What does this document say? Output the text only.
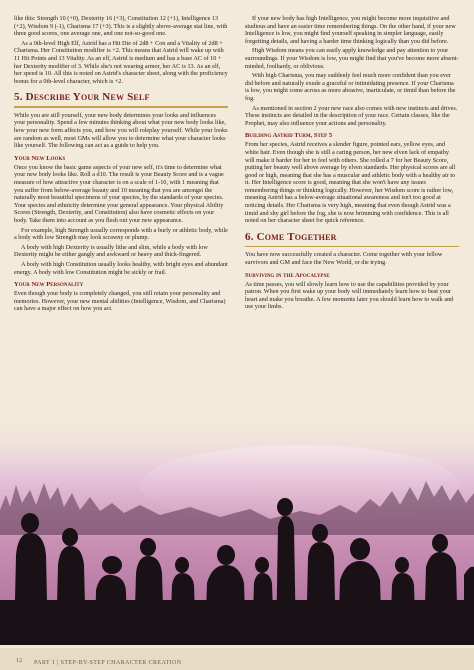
like this: Strength 10 (+0), Dexterity 16 (+3), Constitution 12 (+1), Intelligence 13 (+2), Wisdom 9 (-1), Charisma 17 (+3). This is a slightly above-average stat line, with three good scores, one average one, and one not-so-good one.

As a 0th-level High Elf, Astrid has a Hit Die of 2d8 + Con and a Vitality of 2d8 + Charisma. Her Constitution modifier is +2. This means that Astrid will wake up with 11 Hit Points and 13 Vitality. As an elf, Astrid is medium and has a base AC of 10 + her Dexterity modifier of 3. While she's not wearing armor, her AC is 13. As an elf, her speed is 10. All this is noted on Astrid's character sheet, along with the proficiency bonus for a 0th-level character, which is +2.

5. Describe Your New Self

While you are still yourself, your new body determines your looks and influences your personality. Spend a few minutes thinking about what your new body looks like, how your new form affects you, and how you will roleplay yourself. While your looks are random as well, most GMs will allow you to determine what your character looks like yourself. The following can act as a guide to help you.

Your New Looks

Once you know the basic game aspects of your new self, it's time to determine what your new body looks like. Roll a d10. The result is your Beauty Score and is a vague measure of how attractive your character is on a scale of 1-10, with 1 meaning that you suffer from below-average beauty and 10 meaning that you are amongst the naturally most beautiful specimens of your species, by the standards of your species. Your species and ethnicity determine your general appearance. Your physical Ability Scores (Strength, Dexterity, and Constitution) also have cosmetic effects on your body. Take them into account as you flesh out your new appearance.

For example, high Strength usually corresponds with a burly or athletic body, while a body with low Strength may look scrawny or plump.

A body with high Dexterity is usually lithe and slim, while a body with low Dexterity might be either gangly and awkward or heavy and thick-fingered.

A body with high Constitution usually looks healthy, with bright eyes and abundant energy. A body with low Constitution might be sickly or frail.

Your New Personality

Even though your body is completely changed, you still retain your personality and memories. However, your new mental abilities (Intelligence, Wisdom, and Charisma) can have a major effect on how you act.

If your new body has high Intelligence, you might become more inquisitive and studious and have an easier time remembering things. On the other hand, if your new Intelligence is low, you might find yourself speaking in simpler language, easily forgetting details, and having a harder time thinking logically than you did before.

High Wisdom means you can easily apply knowledge and pay attention to your surroundings. If your Wisdom is low, you might find that you've become more absent-minded, foolhardy, or oblivious.

With high Charisma, you may suddenly feel much more confident than you ever did before and naturally exude a graceful or intimidating presence. If your Charisma is low, you might come across as more abrasive, inarticulate, or timid than before the fog.

As mentioned in section 2 your new race also comes with new instincts and drives. These instincts are detailed in the description of your race. Certain classes, like the Prophet, may also influence your actions and personality.

Building Astrid Turm, Step 5

From her species, Astrid receives a slender figure, pointed ears, yellow eyes, and white hair. Even though she is still a caring person, her new elven lack of empathy will make it harder for her to feel with others. She rolled a 7 for her Beauty Score, putting her beauty well above average by elven standards. Her physical scores are all good or high, meaning that she has a muscular and athletic body with a healthy air to it. Her Intelligence score is good, meaning that she won't have any issues remembering things or thinking logically. However, her Wisdom score is rather low, meaning Astrid has a below-average situational awareness and isn't too good at noticing details. Her Charisma is very high, meaning that even though Astrid was a timid and shy girl before the fog, she is now brimming with confidence. This is all noted on her character sheet for quick reference.

6. Come Together

You have now successfully created a character. Come together with your fellow survivors and GM and face the New World, or die trying.

Surviving in the Apocalypse

As time passes, you will slowly learn how to use the capabilities provided by your patron. When you first wake up your body will immediately learn how to beat your heart and make you breathe. A few moments later you should learn how to walk and use your limbs.

12 PART 1 | STEP-BY-STEP CHARACTER CREATION
